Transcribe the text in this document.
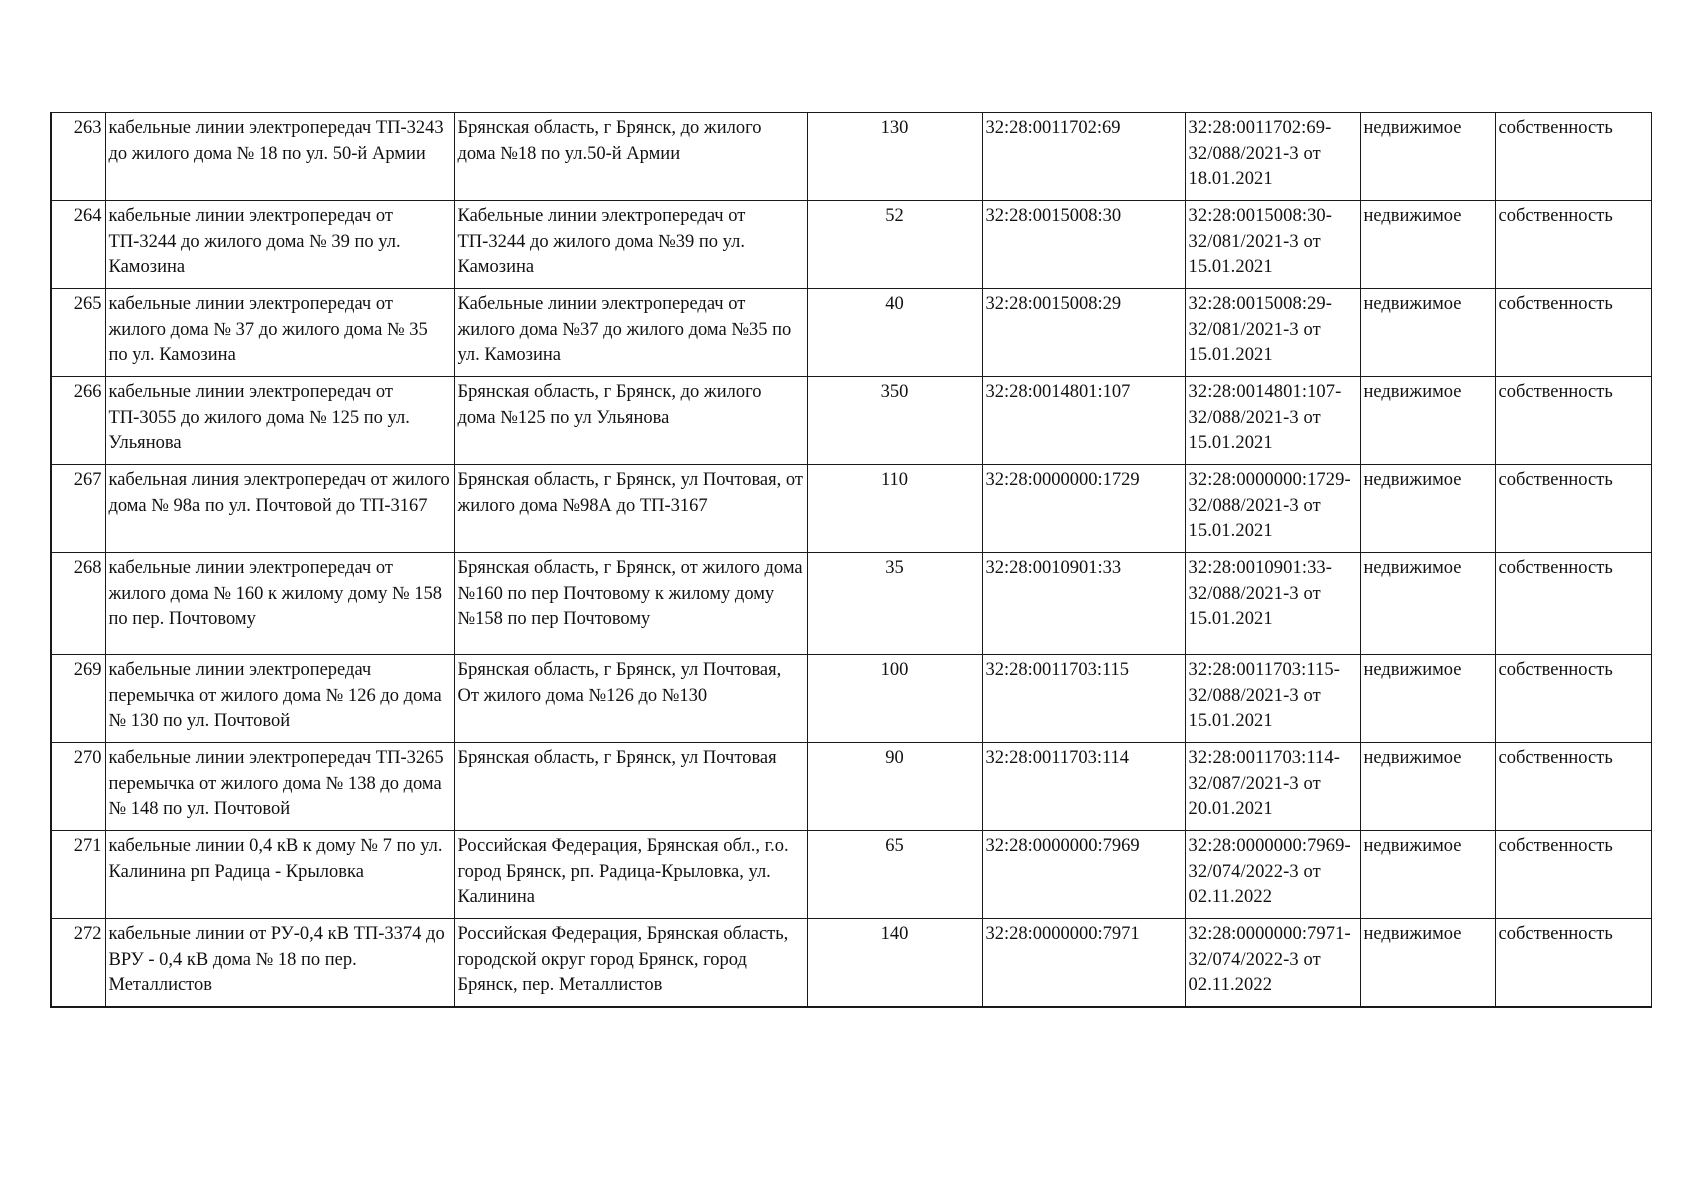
263	кабельные линии электропередач ТП-3243 до жилого дома № 18 по ул. 50-й Армии	Брянская область, г Брянск, до жилого дома №18 по ул.50-й Армии	130	32:28:0011702:69	32:28:0011702:69-32/088/2021-3 от 18.01.2021	недвижимое	собственность
264	кабельные линии электропередач от ТП-3244 до жилого дома № 39 по ул. Камозина	Кабельные линии электропередач от ТП-3244 до жилого дома №39 по ул. Камозина	52	32:28:0015008:30	32:28:0015008:30-32/081/2021-3 от 15.01.2021	недвижимое	собственность
265	кабельные линии электропередач от жилого дома № 37 до жилого дома № 35 по ул. Камозина	Кабельные линии электропередач от жилого дома №37 до жилого дома №35 по ул. Камозина	40	32:28:0015008:29	32:28:0015008:29-32/081/2021-3 от 15.01.2021	недвижимое	собственность
266	кабельные линии электропередач от ТП-3055 до жилого дома № 125 по ул. Ульянова	Брянская область, г Брянск, до жилого дома №125 по ул Ульянова	350	32:28:0014801:107	32:28:0014801:107-32/088/2021-3 от 15.01.2021	недвижимое	собственность
267	кабельная линия электропередач от жилого дома № 98а по ул. Почтовой до ТП-3167	Брянская область, г Брянск, ул Почтовая, от жилого дома №98А до ТП-3167	110	32:28:0000000:1729	32:28:0000000:1729-32/088/2021-3 от 15.01.2021	недвижимое	собственность
268	кабельные линии электропередач от жилого дома № 160 к жилому дому № 158 по пер. Почтовому	Брянская область, г Брянск, от жилого дома №160 по пер Почтовому к жилому дому №158 по пер Почтовому	35	32:28:0010901:33	32:28:0010901:33-32/088/2021-3 от 15.01.2021	недвижимое	собственность
269	кабельные линии электропередач перемычка от жилого дома № 126 до дома № 130 по ул. Почтовой	Брянская область, г Брянск, ул Почтовая, От жилого дома №126 до №130	100	32:28:0011703:115	32:28:0011703:115-32/088/2021-3 от 15.01.2021	недвижимое	собственность
270	кабельные линии электропередач ТП-3265 перемычка от жилого дома № 138 до дома № 148 по ул. Почтовой	Брянская область, г Брянск, ул Почтовая	90	32:28:0011703:114	32:28:0011703:114-32/087/2021-3 от 20.01.2021	недвижимое	собственность
271	кабельные линии 0,4 кВ к дому № 7 по ул. Калинина рп Радица - Крыловка	Российская Федерация, Брянская обл., г.о. город Брянск, рп. Радица-Крыловка, ул. Калинина	65	32:28:0000000:7969	32:28:0000000:7969-32/074/2022-3 от 02.11.2022	недвижимое	собственность
272	кабельные линии от РУ-0,4 кВ ТП-3374 до ВРУ - 0,4 кВ дома № 18 по пер. Металлистов	Российская Федерация, Брянская область, городской округ город Брянск, город Брянск, пер. Металлистов	140	32:28:0000000:7971	32:28:0000000:7971-32/074/2022-3 от 02.11.2022	недвижимое	собственность
